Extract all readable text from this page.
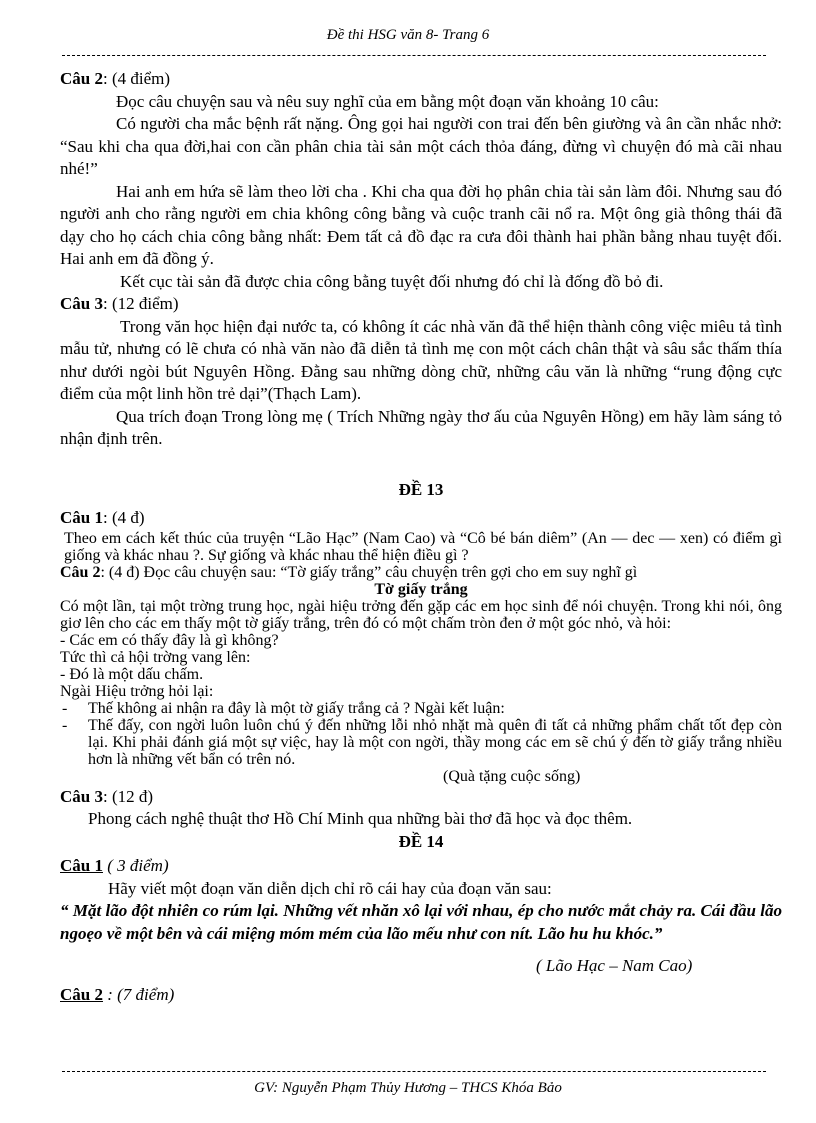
Đề thi HSG văn 8- Trang 6

Câu 2: (4 điểm)

Đọc câu chuyện sau và nêu suy nghĩ của em bằng một đoạn văn khoảng 10 câu:

Có người cha mắc bệnh rất nặng. Ông gọi hai người con trai đến bên giường và ân cần nhắc nhở: “Sau khi cha qua đời,hai con cần phân chia tài sản một cách thỏa đáng, đừng vì chuyện đó mà cãi nhau nhé!”

Hai anh em hứa sẽ làm theo lời cha . Khi cha qua đời họ phân chia tài sản làm đôi. Nhưng sau đó người anh cho rằng người em chia không công bằng và cuộc tranh cãi nổ ra. Một ông già thông thái đã dạy cho họ cách chia công bằng nhất: Đem tất cả đồ đạc ra cưa đôi thành hai phần bằng nhau tuyệt đối. Hai anh em đã đồng ý.

Kết cục tài sản đã được chia công bằng tuyệt đối nhưng đó chỉ là đống đồ bỏ đi.

Câu 3: (12 điểm)

Trong văn học hiện đại nước ta, có không ít các nhà văn đã thể hiện thành công việc miêu tả tình mẫu tử, nhưng có lẽ chưa có nhà văn nào đã diễn tả tình mẹ con một cách chân thật và sâu sắc thấm thía như dưới ngòi bút Nguyên Hồng. Đằng sau những dòng chữ, những câu văn là những “rung động cực điểm của một linh hồn trẻ dại”(Thạch Lam).

Qua trích đoạn Trong lòng mẹ ( Trích Những ngày thơ ấu của Nguyên Hồng) em hãy làm sáng tỏ nhận định trên.

ĐỀ 13

Câu 1: (4 đ)

Theo em cách kết thúc của truyện “Lão Hạc” (Nam Cao) và “Cô bé bán diêm” (An — dec — xen) có điểm gì giống và khác nhau ?. Sự giống và khác nhau thể hiện điều gì ?

Câu 2: (4 đ) Đọc câu chuyện sau: “Tờ giấy trắng” câu chuyện trên gợi cho em suy nghĩ gì

Tờ giấy trắng

Có một lần, tại một trờng trung học, ngài hiệu trởng đến gặp các em học sinh để nói chuyện. Trong khi nói, ông giơ lên cho các em thấy một tờ giấy trắng, trên đó có một chấm tròn đen ở một góc nhỏ, và hỏi:

- Các em có thấy đây là gì không?

Tức thì cả hội trờng vang lên:

- Đó là một dấu chấm.

Ngài Hiệu trởng hỏi lại:

-	Thế không ai nhận ra đây là một tờ giấy trắng cả ? Ngài kết luận:
-	Thế đấy, con ngời luôn luôn chú ý đến những lỗi nhỏ nhặt mà quên đi tất cả những phẩm chất tốt đẹp còn lại. Khi phải đánh giá một sự việc, hay là một con ngời, thầy mong các em sẽ chú ý đến tờ giấy trắng nhiều hơn là những vết bẩn có trên nó.

(Quà tặng cuộc sống)

Câu 3: (12 đ)

Phong cách nghệ thuật thơ Hồ Chí Minh qua những bài thơ đã học và đọc thêm.

ĐỀ 14

Câu 1 ( 3 điểm)

Hãy viết một đoạn văn diễn dịch chỉ rõ cái hay của đoạn văn sau:

“ Mặt lão đột nhiên co rúm lại. Những vết nhăn xô lại với nhau, ép cho nước mắt chảy ra. Cái đầu lão ngoẹo về một bên và cái miệng móm mém của lão mếu như con nít. Lão hu hu khóc.”

( Lão Hạc – Nam Cao)

Câu 2 : (7 điểm)
GV: Nguyễn Phạm Thủy Hương – THCS Khóa Bảo
